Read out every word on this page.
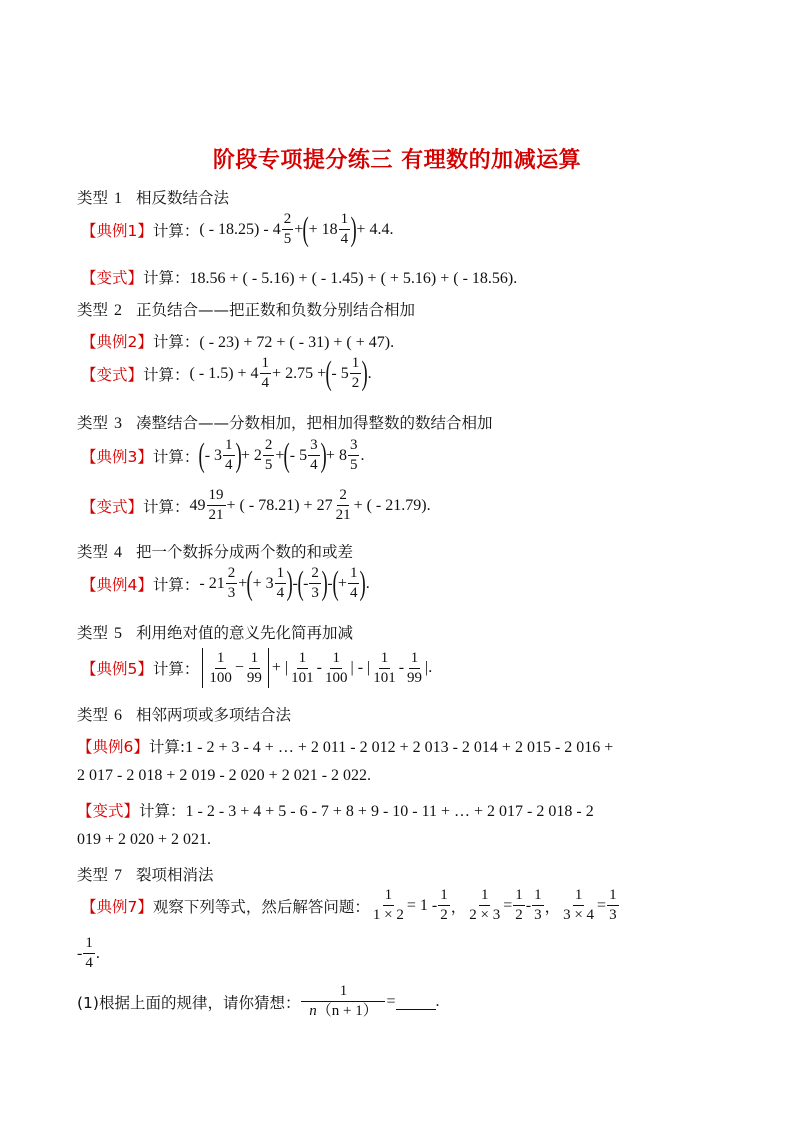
阶段专项提分练三 有理数的加减运算
类型 1 相反数结合法
【典例1】 计算： ( - $18.25) - 4 \frac{2}{5}$ + ( + $18 \frac{1}{4}$ ) + 4.4.
【变式】计算：18.56 + ( - 5.16) + ( - 1.45) + ( + 5.16) + ( - 18.56).
类型 2 正负结合——把正数和负数分别结合相加
【典例2】计算：( - 23) + 72 + ( - 31) + ( + 47).
【变式】 计算： ( - $1.5) + 4 \frac{1}{4} + 2.75$ + ( - $5 \frac{1}{2}$ ) .
类型 3 凑整结合——分数相加，把相加得整数的数结合相加
【典例3】 计算： ( - $3 \frac{1}{4}$ ) + $2 \frac{2}{5}$ + ( - $5 \frac{3}{4}$ ) + $8 \frac{3}{5}$ .
【变式】 计算： $49 \frac{19}{21}$ + ( - $78.21) + 27 \frac{2}{21}$ + ( - 21.79).
类型 4 把一个数拆分成两个数的和或差
【典例4】 计算： - $21 \frac{2}{3}$ + ( + $3 \frac{1}{4}$ ) - ( - $\frac{2}{3}$ ) - ( + $\frac{1}{4}$ ) .
类型 5 利用绝对值的意义先化简再加减
【典例5】 计算： $\frac{1}{100} - \frac{1}{99}$ + | $\frac{1}{101} - \frac{1}{100}$ | - | $\frac{1}{101} - \frac{1}{99}$ |.
类型 6 相邻两项或多项结合法
【典例6】计算:1 - 2 + 3 - 4 + … + 2 011 - 2 012 + 2 013 - 2 014 + 2 015 - 2 016 +
2 017 - 2 018 + 2 019 - 2 020 + 2 021 - 2 022.
【变式】计算：1 - 2 - 3 + 4 + 5 - 6 - 7 + 8 + 9 - 10 - 11 + … + 2 017 - 2 018 - 2
019 + 2 020 + 2 021.
类型 7 裂项相消法
【典例7】 观察下列等式，然后解答问题： $\frac{1}{1 \times 2} = 1 - \frac{1}{2}$ ， $\frac{1}{2 \times 3} = \frac{1}{2} - \frac{1}{3}$ ， $\frac{1}{3 \times 4} = \frac{1}{3}$
- $\frac{1}{4}$ .
(1)根据上面的规律，请你猜想： $\frac{1}{n(n + 1)}$ =	.
